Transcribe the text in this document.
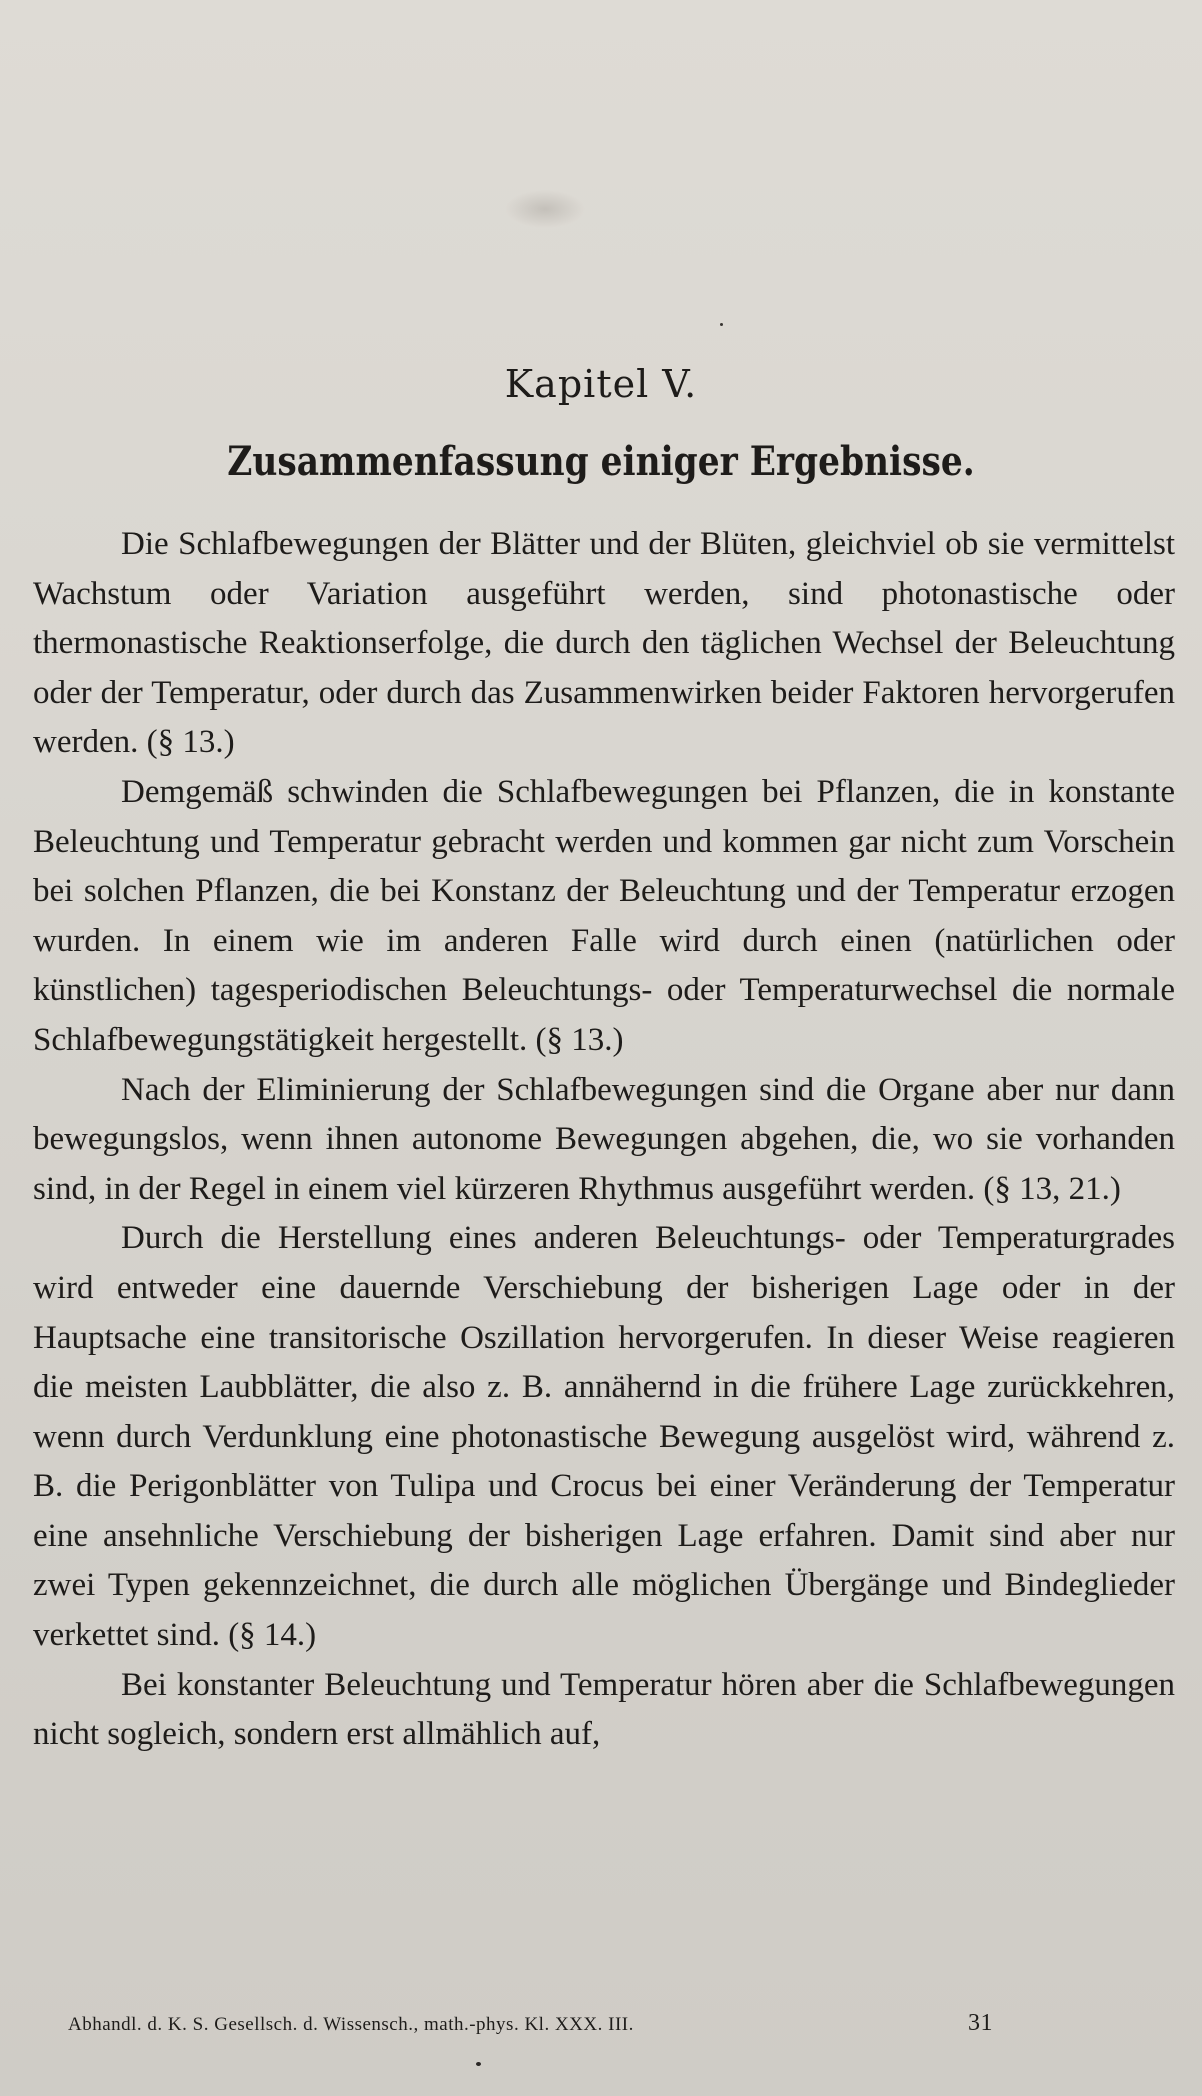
Kapitel V.
Zusammenfassung einiger Ergebnisse.

Die Schlafbewegungen der Blätter und der Blüten, gleichviel ob sie vermittelst Wachstum oder Variation ausgeführt werden, sind photonastische oder thermonastische Reaktionserfolge, die durch den täglichen Wechsel der Beleuchtung oder der Temperatur, oder durch das Zusammenwirken beider Faktoren hervorgerufen werden. (§ 13.)

Demgemäß schwinden die Schlafbewegungen bei Pflanzen, die in konstante Beleuchtung und Temperatur gebracht werden und kommen gar nicht zum Vorschein bei solchen Pflanzen, die bei Konstanz der Beleuchtung und der Temperatur erzogen wurden. In einem wie im anderen Falle wird durch einen (natürlichen oder künstlichen) tagesperiodischen Beleuchtungs- oder Temperaturwechsel die normale Schlafbewegungstätigkeit hergestellt. (§ 13.)

Nach der Eliminierung der Schlafbewegungen sind die Organe aber nur dann bewegungslos, wenn ihnen autonome Bewegungen abgehen, die, wo sie vorhanden sind, in der Regel in einem viel kürzeren Rhythmus ausgeführt werden. (§ 13, 21.)

Durch die Herstellung eines anderen Beleuchtungs- oder Temperaturgrades wird entweder eine dauernde Verschiebung der bisherigen Lage oder in der Hauptsache eine transitorische Oszillation hervorgerufen. In dieser Weise reagieren die meisten Laubblätter, die also z. B. annähernd in die frühere Lage zurückkehren, wenn durch Verdunklung eine photonastische Bewegung ausgelöst wird, während z. B. die Perigonblätter von Tulipa und Crocus bei einer Veränderung der Temperatur eine ansehnliche Verschiebung der bisherigen Lage erfahren. Damit sind aber nur zwei Typen gekennzeichnet, die durch alle möglichen Übergänge und Bindeglieder verkettet sind. (§ 14.)

Bei konstanter Beleuchtung und Temperatur hören aber die Schlafbewegungen nicht sogleich, sondern erst allmählich auf,

Abhandl. d. K. S. Gesellsch. d. Wissensch., math.-phys. Kl. XXX. III.	31
